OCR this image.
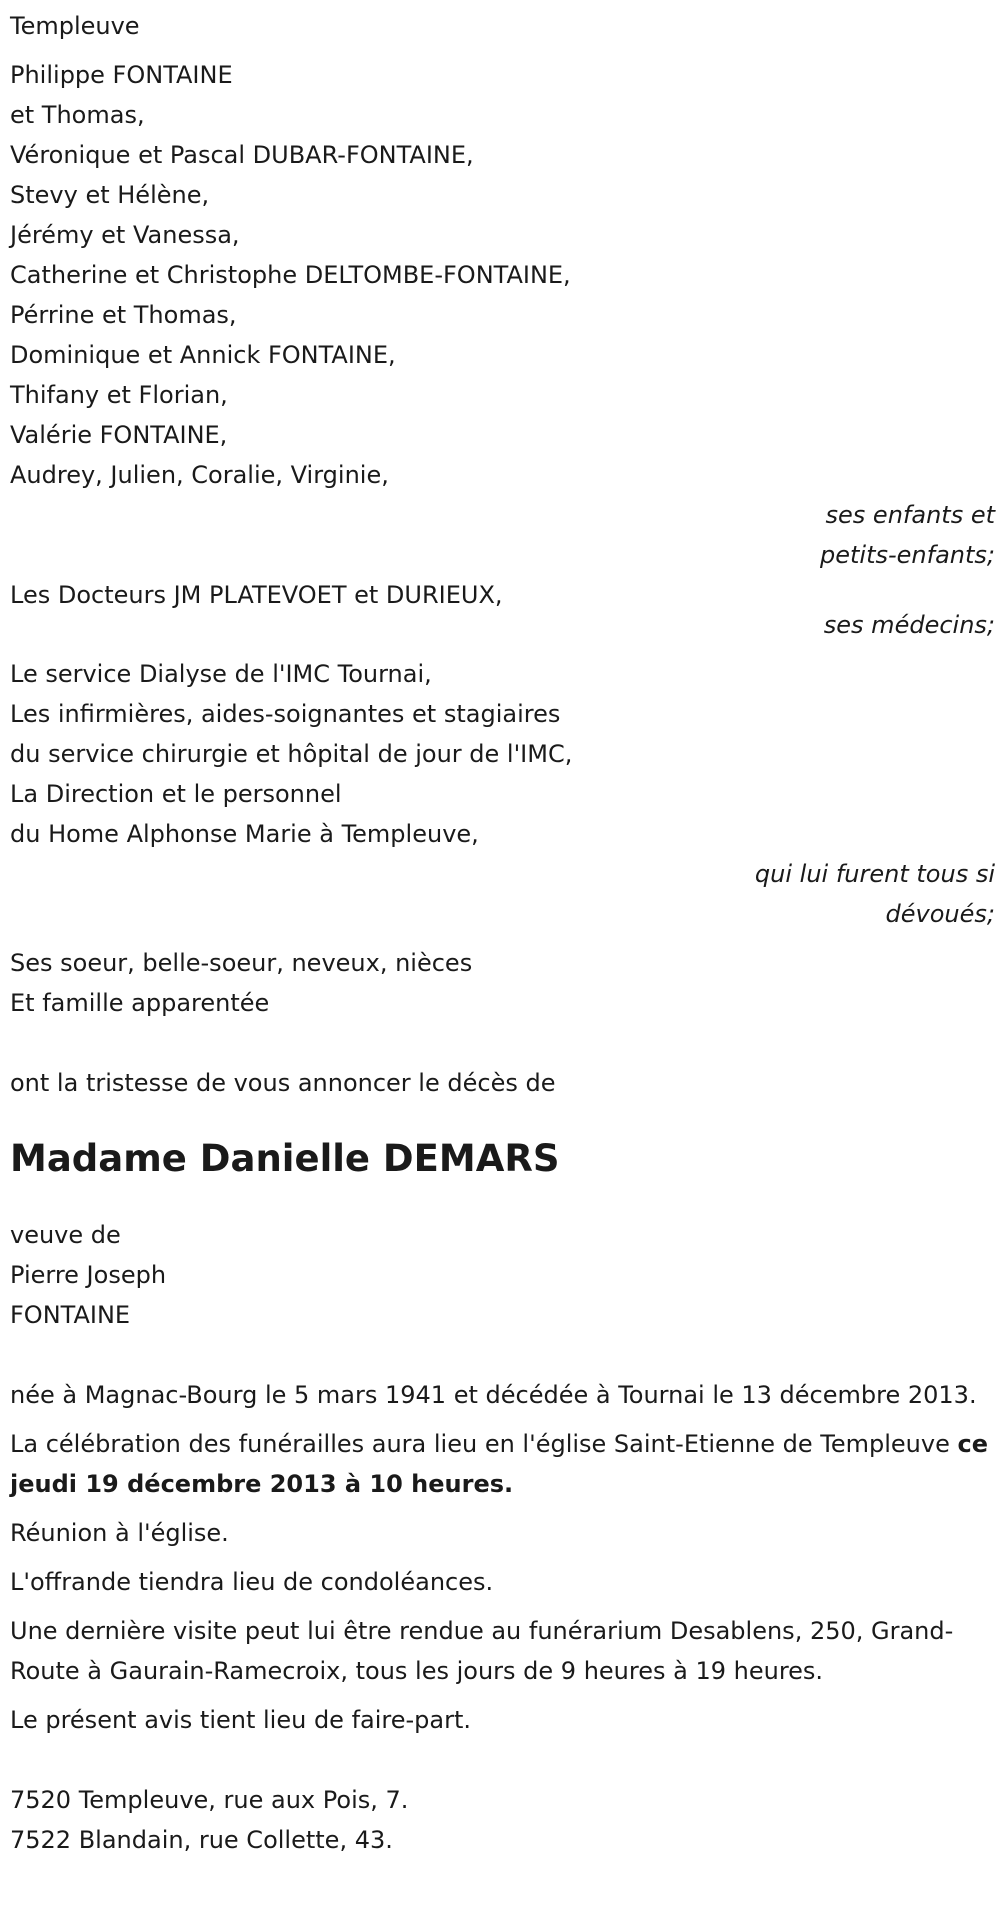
Templeuve
Philippe FONTAINE
et Thomas,
Véronique et Pascal DUBAR-FONTAINE,
Stevy et Hélène,
Jérémy et Vanessa,
Catherine et Christophe DELTOMBE-FONTAINE,
Pérrine et Thomas,
Dominique et Annick FONTAINE,
Thifany et Florian,
Valérie FONTAINE,
Audrey, Julien, Coralie, Virginie,
ses enfants et
petits-enfants;
Les Docteurs JM PLATEVOET et DURIEUX,
ses médecins;
Le service Dialyse de l'IMC Tournai,
Les infirmières, aides-soignantes et stagiaires
du service chirurgie et hôpital de jour de l'IMC,
La Direction et le personnel
du Home Alphonse Marie à Templeuve,
qui lui furent tous si
dévoués;
Ses soeur, belle-soeur, neveux, nièces
Et famille apparentée
ont la tristesse de vous annoncer le décès de
Madame Danielle DEMARS
veuve de
Pierre Joseph
FONTAINE
née à Magnac-Bourg le 5 mars 1941 et décédée à Tournai le 13 décembre 2013.
La célébration des funérailles aura lieu en l'église Saint-Etienne de Templeuve ce jeudi 19 décembre 2013 à 10 heures.
Réunion à l'église.
L'offrande tiendra lieu de condoléances.
Une dernière visite peut lui être rendue au funérarium Desablens, 250, Grand-Route à Gaurain-Ramecroix, tous les jours de 9 heures à 19 heures.
Le présent avis tient lieu de faire-part.
7520 Templeuve, rue aux Pois, 7.
7522 Blandain, rue Collette, 43.
